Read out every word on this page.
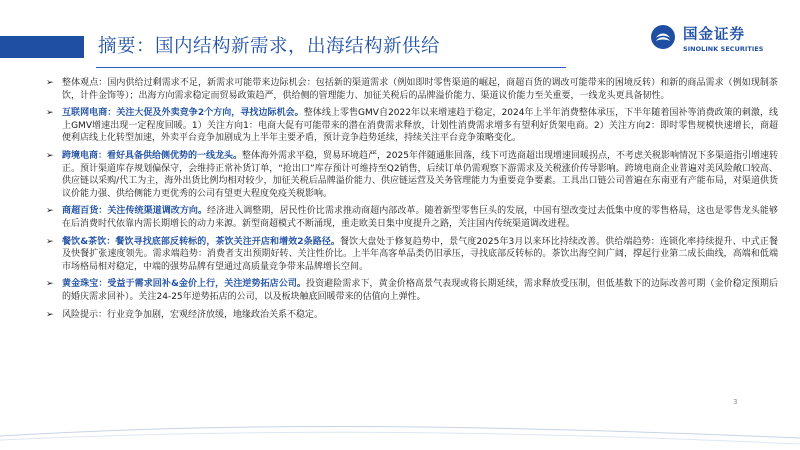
摘要：国内结构新需求，出海结构新供给
国金证券
SINOLINK SECURITIES
➢ 整体观点：国内供给过剩需求不足，新需求可能带来边际机会：包括新的渠道需求（例如即时零售渠道的崛起，商超百货的调改可能带来的困境反转）和新的商品需求（例如现制茶饮，计件金饰等）；出海方向需求稳定而贸易政策趋严，供给侧的管理能力、加征关税后的品牌溢价能力、渠道议价能力至关重要，一线龙头更具备韧性。
➢ 互联网电商：关注大促及外卖竞争2个方向，寻找边际机会。整体线上零售GMV自2022年以来增速趋于稳定，2024年上半年消费整体承压，下半年随着国补等消费政策的刺激，线上GMV增速出现一定程度回暖。1）关注方向1：电商大促有可能带来的潜在消费需求释放，计划性消费需求增多有望利好货架电商。2）关注方向2：即时零售规模快速增长，商超便利店线上化转型加速，外卖平台竞争加剧成为上半年主要矛盾，预计竞争趋势延续，持续关注平台竞争策略变化。
➢ 跨境电商：看好具备供给侧优势的一线龙头。整体海外需求平稳，贸易环境趋严，2025年伴随通胀回落，线下可选商超出现增速回暖拐点，不考虑关税影响情况下多渠道指引增速转正。预计渠道库存规划偏保守，会维持正常补货订单，“抢出口”库存预计可维持至Q2销售，后续订单仍需观察下游需求及关税涨价传导影响。跨境电商企业普遍对美风险敞口较高、供应链以采购/代工为主，海外出货比例均相对较少，加征关税后品牌溢价能力、供应链运营及关务管理能力为重要竞争要素。工具出口链公司普遍在东南亚有产能布局，对渠道供货议价能力强、供给侧能力更优秀的公司有望更大程度免疫关税影响。
➢ 商超百货：关注传统渠道调改方向。经济进入调整期，居民性价比需求推动商超内部改革。随着新型零售巨头的发展，中国有望改变过去低集中度的零售格局，这也是零售龙头能够在后消费时代依靠内需长期增长的动力来源。新型商超模式不断涌现，重走欧美日集中度提升之路，关注国内传统渠道调改进程。
➢ 餐饮&茶饮：餐饮寻找底部反转标的，茶饮关注开店和增效2条路径。餐饮大盘处于修复趋势中，景气度2025年3月以来环比持续改善。供给端趋势：连锁化率持续提升、中式正餐及快餐扩张速度领先。需求端趋势：消费者支出预期好转、关注性价比。上半年高客单品类仍旧承压，寻找底部反转标的。茶饮出海空间广阔，撑起行业第二成长曲线，高端和低端市场格局相对稳定，中端的强势品牌有望通过高质量竞争带来品牌增长空间。
➢ 黄金珠宝：受益于需求回补&金价上行，关注逆势拓店公司。投资避险需求下，黄金价格高景气表现或将长期延续，需求释放受压制，但低基数下的边际改善可期（金价稳定预期后的婚庆需求回补）。关注24-25年逆势拓店的公司，以及板块触底回暖带来的估值向上弹性。
➢ 风险提示：行业竞争加剧，宏观经济放缓，地缘政治关系不稳定。
3
